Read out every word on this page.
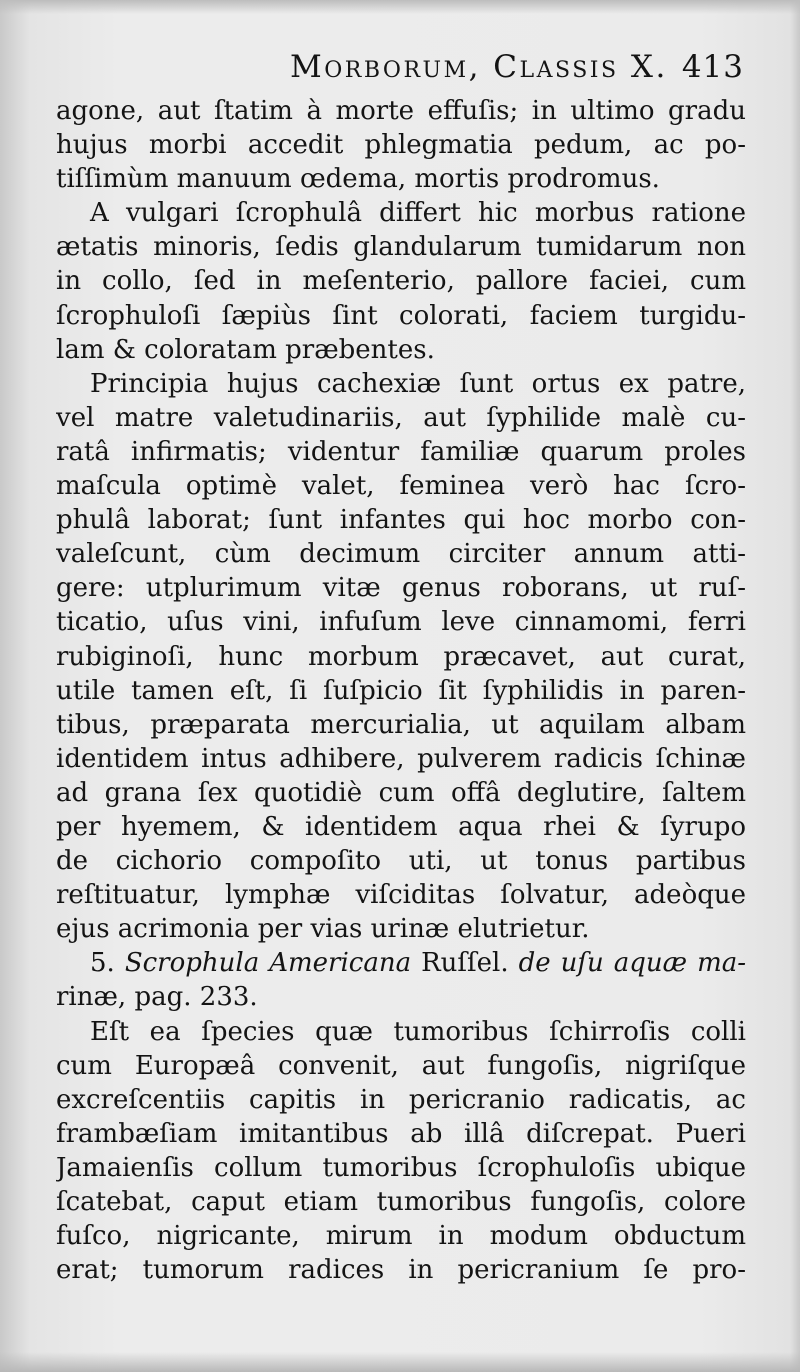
Morborum, Classis X. 413
agone, aut ſtatim à morte effuſis; in ultimo gradu
hujus morbi accedit phlegmatia pedum, ac po-
tiſſimùm manuum œdema, mortis prodromus.
A vulgari ſcrophulâ differt hic morbus ratione
ætatis minoris, ſedis glandularum tumidarum non
in collo, ſed in meſenterio, pallore faciei, cum
ſcrophuloſi ſæpiùs ſint colorati, faciem turgidu-
lam & coloratam præbentes.
Principia hujus cachexiæ ſunt ortus ex patre,
vel matre valetudinariis, aut ſyphilide malè cu-
ratâ infirmatis; videntur familiæ quarum proles
maſcula optimè valet, feminea verò hac ſcro-
phulâ laborat; ſunt infantes qui hoc morbo con-
valeſcunt, cùm decimum circiter annum atti-
gere: utplurimum vitæ genus roborans, ut ruſ-
ticatio, uſus vini, infuſum leve cinnamomi, ferri
rubiginoſi, hunc morbum præcavet, aut curat,
utile tamen eſt, ſi ſuſpicio ſit ſyphilidis in paren-
tibus, præparata mercurialia, ut aquilam albam
identidem intus adhibere, pulverem radicis ſchinæ
ad grana ſex quotidiè cum offâ deglutire, ſaltem
per hyemem, & identidem aqua rhei & ſyrupo
de cichorio compoſito uti, ut tonus partibus
reſtituatur, lymphæ viſciditas ſolvatur, adeòque
ejus acrimonia per vias urinæ elutrietur.
5. Scrophula Americana Ruſſel. de uſu aquæ ma-
rinæ, pag. 233.
Eſt ea ſpecies quæ tumoribus ſchirroſis colli
cum Europæâ convenit, aut fungoſis, nigriſque
excreſcentiis capitis in pericranio radicatis, ac
frambæſiam imitantibus ab illâ diſcrepat. Pueri
Jamaienſis collum tumoribus ſcrophuloſis ubique
ſcatebat, caput etiam tumoribus fungoſis, colore
fuſco, nigricante, mirum in modum obductum
erat; tumorum radices in pericranium ſe pro-
